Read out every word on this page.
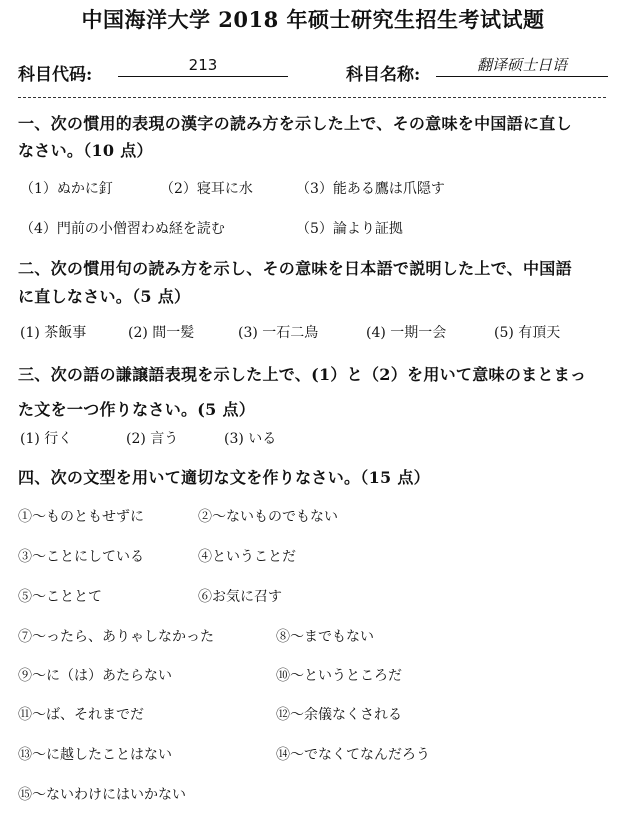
中国海洋大学 2018 年硕士研究生招生考试试题
科目代码:	213	科目名称:	翻译硕士日语
一、次の慣用的表現の漢字の読み方を示した上で、その意味を中国語に直し
なさい。（10 点）
（1）ぬかに釘	（2）寝耳に水	（3）能ある鷹は爪隠す
（4）門前の小僧習わぬ経を読む	（5）論より証拠
二、次の慣用句の読み方を示し、その意味を日本語で説明した上で、中国語
に直しなさい。（5 点）
(1) 茶飯事	(2) 間一髪	(3) 一石二鳥	(4) 一期一会	(5) 有頂天
三、次の語の謙譲語表現を示した上で、(1）と（2）を用いて意味のまとまっ
た文を一つ作りなさい。(5 点）
(1) 行く	(2) 言う	(3) いる
四、次の文型を用いて適切な文を作りなさい。（15 点）
①～ものともせずに	②～ないものでもない
③～ことにしている	④ということだ
⑤～こととて	⑥お気に召す
⑦～ったら、ありゃしなかった	⑧～までもない
⑨～に（は）あたらない	⑩～というところだ
⑪～ば、それまでだ	⑫～余儀なくされる
⑬～に越したことはない	⑭～でなくてなんだろう
⑮～ないわけにはいかない
